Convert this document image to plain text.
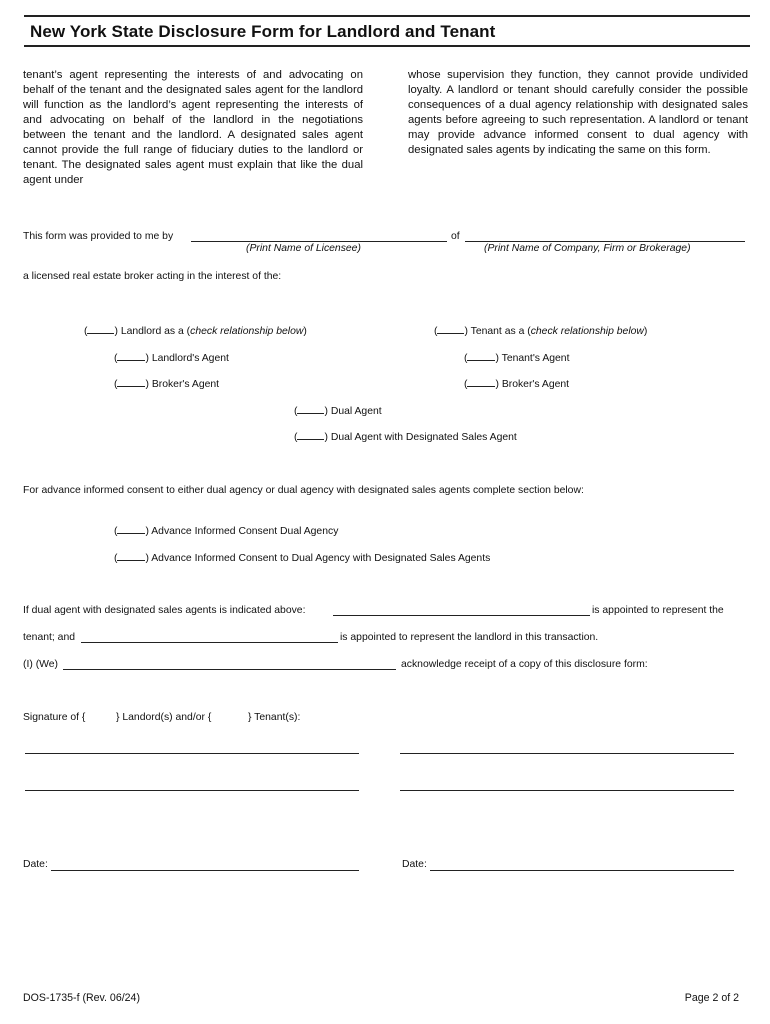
New York State Disclosure Form for Landlord and Tenant
tenant’s agent representing the interests of and advocating on behalf of the tenant and the designated sales agent for the landlord will function as the landlord’s agent representing the interests of and advocating on behalf of the landlord in the negotiations between the tenant and the landlord. A designated sales agent cannot provide the full range of fiduciary duties to the landlord or tenant. The designated sales agent must explain that like the dual agent under
whose supervision they function, they cannot provide undivided loyalty. A landlord or tenant should carefully consider the possible consequences of a dual agency relationship with designated sales agents before agreeing to such representation. A landlord or tenant may provide advance informed consent to dual agency with designated sales agents by indicating the same on this form.
This form was provided to me by	of
(Print Name of Licensee)	(Print Name of Company, Firm or Brokerage)
a licensed real estate broker acting in the interest of the:
(	) Landlord as a (check relationship below)	(	) Tenant as a (check relationship below)
(	) Landlord's Agent	(	) Tenant's Agent
(	) Broker's Agent	(	) Broker's Agent
(	) Dual Agent
(	) Dual Agent with Designated Sales Agent
For advance informed consent to either dual agency or dual agency with designated sales agents complete section below:
(	) Advance Informed Consent Dual Agency
(	) Advance Informed Consent to Dual Agency with Designated Sales Agents
If dual agent with designated sales agents is indicated above:	is appointed to represent the
tenant; and	is appointed to represent the landlord in this transaction.
(I) (We)	acknowledge receipt of a copy of this disclosure form:
Signature of {	} Landord(s) and/or {	} Tenant(s):
Date:	Date:
DOS-1735-f (Rev. 06/24)	Page 2 of 2
